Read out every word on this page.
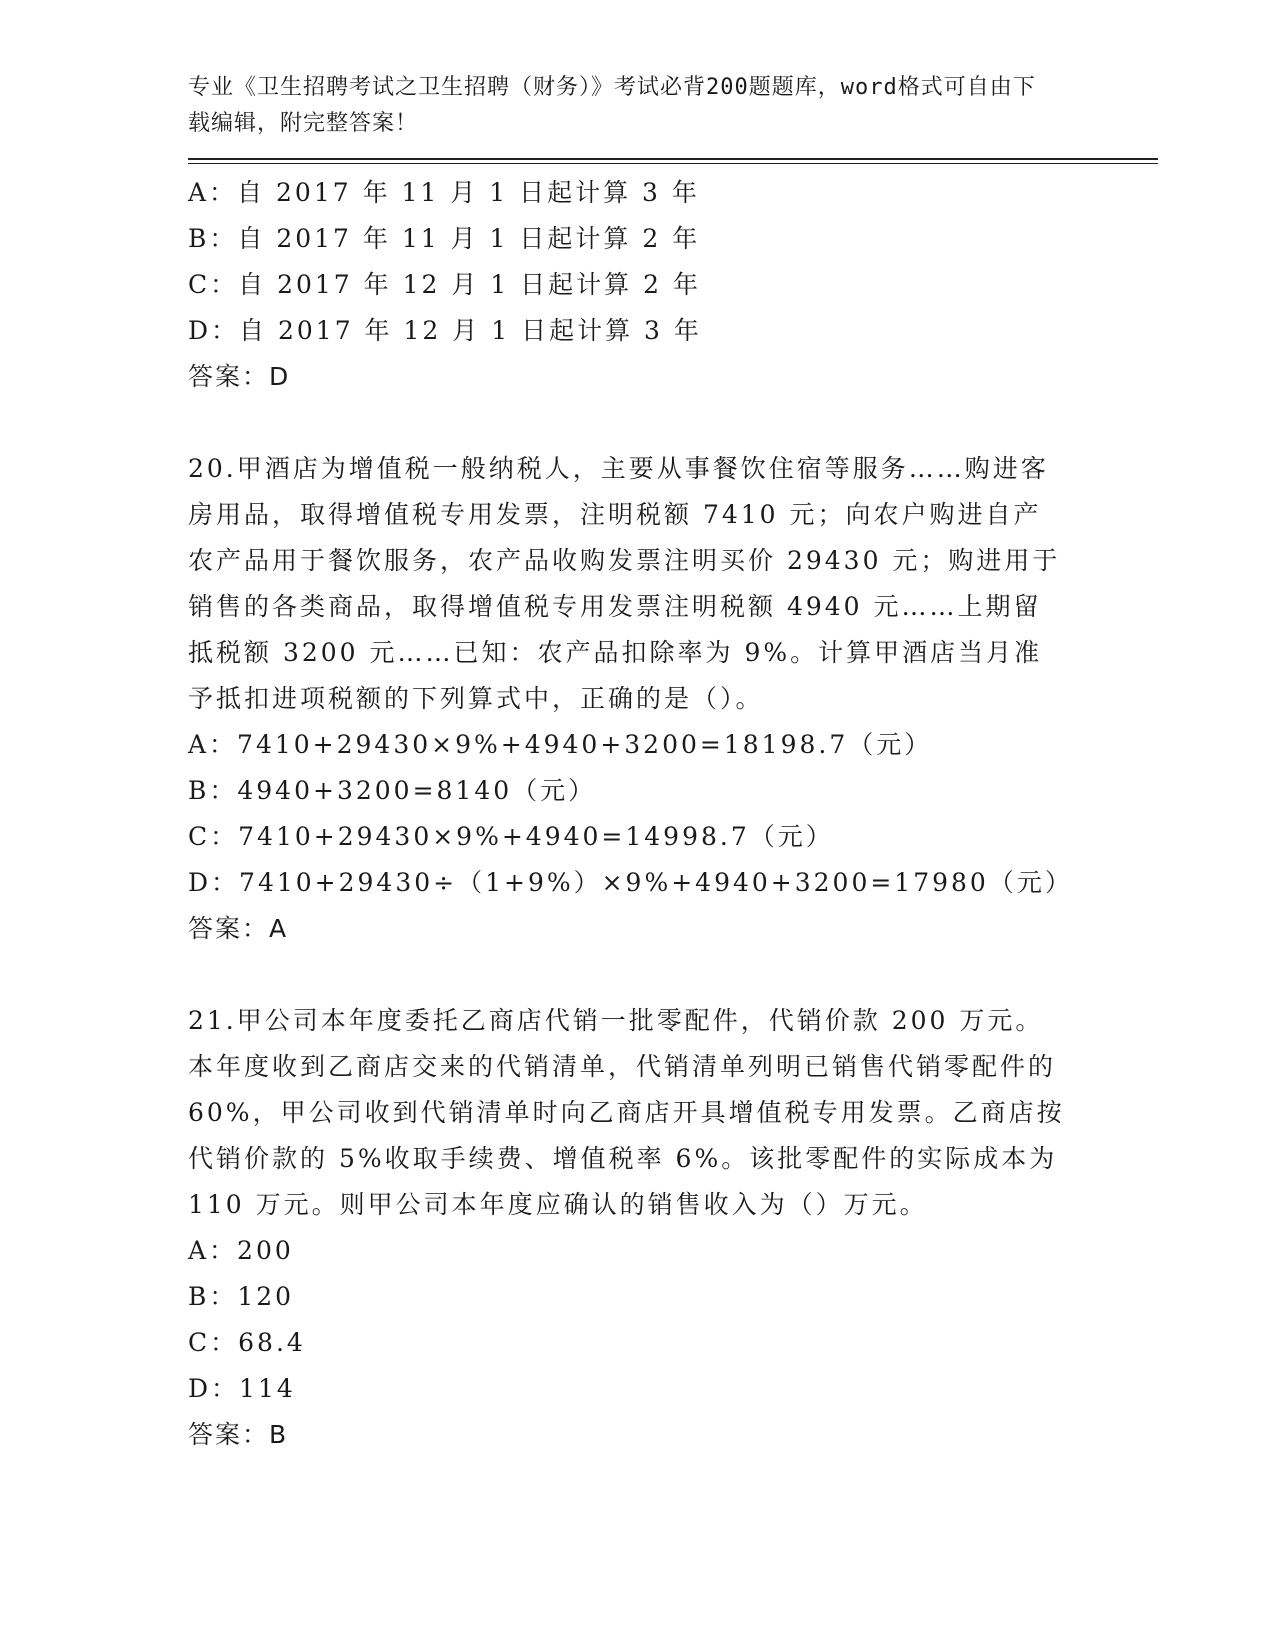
专业《卫生招聘考试之卫生招聘（财务）》考试必背200题题库，word格式可自由下载编辑，附完整答案！

A：自 2017 年 11 月 1 日起计算 3 年

B：自 2017 年 11 月 1 日起计算 2 年

C：自 2017 年 12 月 1 日起计算 2 年

D：自 2017 年 12 月 1 日起计算 3 年

答案：D

20.甲酒店为增值税一般纳税人，主要从事餐饮住宿等服务……购进客房用品，取得增值税专用发票，注明税额 7410 元；向农户购进自产农产品用于餐饮服务，农产品收购发票注明买价 29430 元；购进用于销售的各类商品，取得增值税专用发票注明税额 4940 元……上期留抵税额 3200 元……已知：农产品扣除率为 9%。计算甲酒店当月准予抵扣进项税额的下列算式中，正确的是（）。

A：7410+29430×9%+4940+3200=18198.7（元）

B：4940+3200=8140（元）

C：7410+29430×9%+4940=14998.7（元）

D：7410+29430÷（1+9%）×9%+4940+3200=17980（元）

答案：A

21.甲公司本年度委托乙商店代销一批零配件，代销价款 200 万元。本年度收到乙商店交来的代销清单，代销清单列明已销售代销零配件的 60%，甲公司收到代销清单时向乙商店开具增值税专用发票。乙商店按代销价款的 5%收取手续费、增值税率 6%。该批零配件的实际成本为 110 万元。则甲公司本年度应确认的销售收入为（）万元。

A：200

B：120

C：68.4

D：114

答案：B
